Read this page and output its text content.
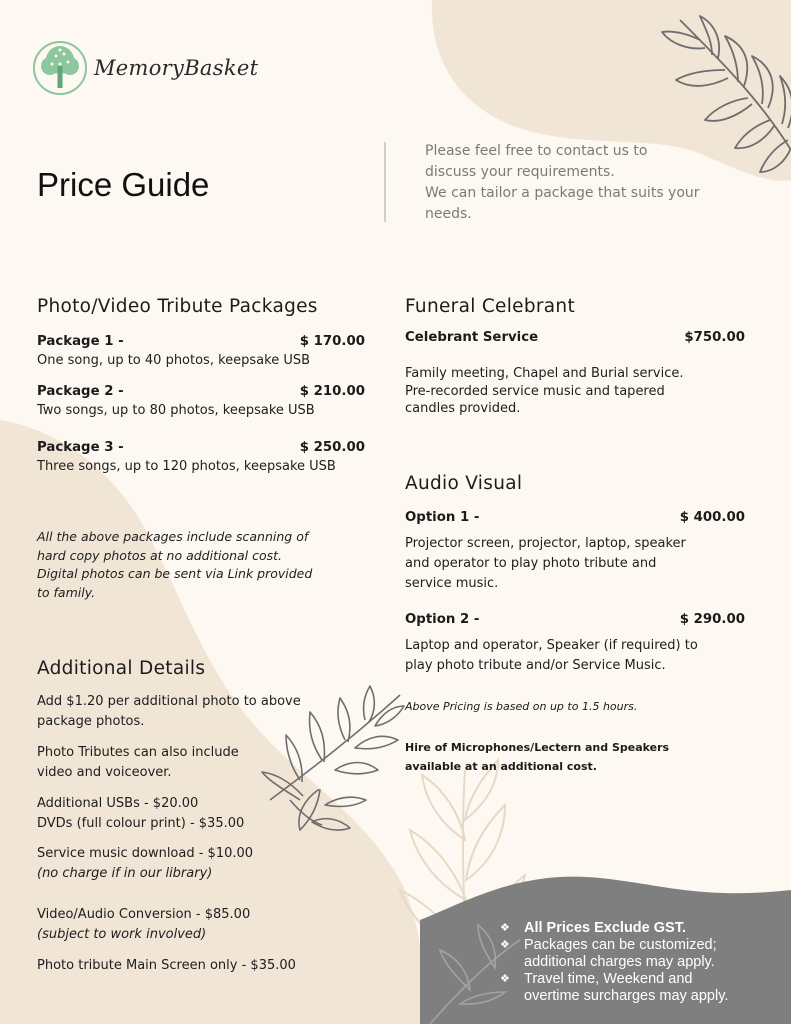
MemoryBasket
Price Guide
Please feel free to contact us to
discuss your requirements.
We can tailor a package that suits your
needs.
Photo/Video Tribute Packages
Package 1 -	$ 170.00
One song, up to 40 photos, keepsake USB
Package 2 -	$ 210.00
Two songs, up to 80 photos, keepsake USB
Package 3 -	$ 250.00
Three songs, up to 120 photos, keepsake USB
All the above packages include scanning of
hard copy photos at no additional cost.
Digital photos can be sent via Link provided
to family.
Additional Details
Add $1.20 per additional photo to above
package photos.
Photo Tributes can also include
video and voiceover.
Additional USBs - $20.00
DVDs (full colour print) - $35.00
Service music download - $10.00
(no charge if in our library)
Video/Audio Conversion - $85.00
(subject to work involved)
Photo tribute Main Screen only - $35.00
Funeral Celebrant
Celebrant Service	$750.00
Family meeting, Chapel and Burial service.
Pre-recorded service music and tapered
candles provided.
Audio Visual
Option 1 -	$ 400.00
Projector screen, projector, laptop, speaker
and operator to play photo tribute and
service music.
Option 2 -	$ 290.00
Laptop and operator, Speaker (if required) to
play photo tribute and/or Service Music.
Above Pricing is based on up to 1.5 hours.
Hire of Microphones/Lectern and Speakers
available at an additional cost.
❖ All Prices Exclude GST.
❖ Packages can be customized;
additional charges may apply.
❖ Travel time, Weekend and
overtime surcharges may apply.
